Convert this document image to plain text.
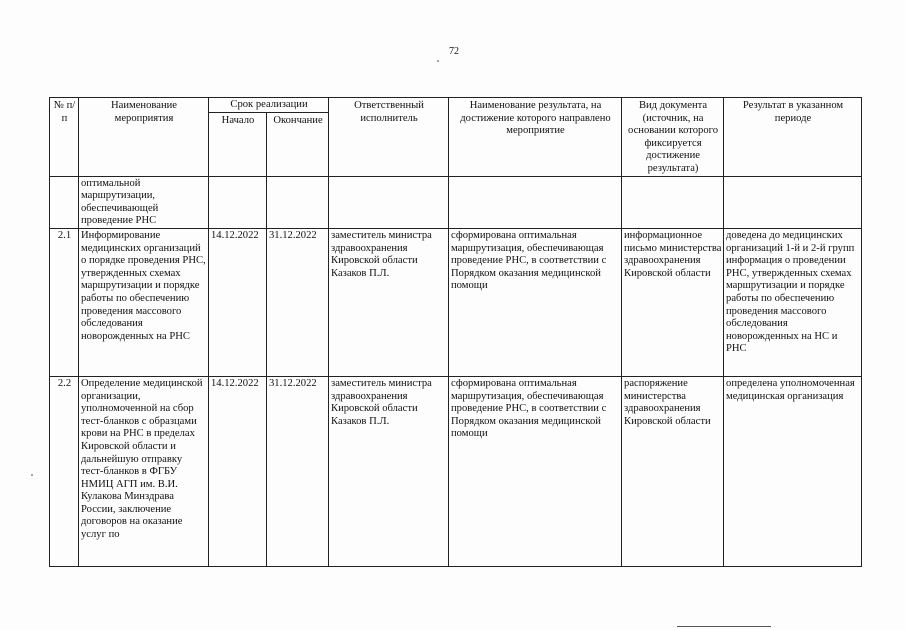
72
№ п/п	Наименование мероприятия	Срок реализации		Ответственный исполнитель	Наименование результата, на достижение которого направлено мероприятие	Вид документа (источник, на основании которого фиксируется достижение результата)	Результат в указанном периоде
		Начало	Окончание				
	оптимальной маршрутизации, обеспечивающей проведение РНС						
2.1	Информирование медицинских организаций о порядке проведения РНС, утвержденных схемах маршрутизации и порядке работы по обеспечению проведения массового обследования новорожденных на РНС	14.12.2022	31.12.2022	заместитель министра здравоохранения Кировской области Казаков П.Л.	сформирована оптимальная маршрутизация, обеспечивающая проведение РНС, в соответствии с Порядком оказания медицинской помощи	информационное письмо министерства здравоохранения Кировской области	доведена до медицинских организаций 1-й и 2-й групп информация о проведении РНС, утвержденных схемах маршрутизации и порядке работы по обеспечению проведения массового обследования новорожденных на НС и РНС
2.2	Определение медицинской организации, уполномоченной на сбор тест-бланков с образцами крови на РНС в пределах Кировской области и дальнейшую отправку тест-бланков в ФГБУ НМИЦ АГП им. В.И. Кулакова Минздрава России, заключение договоров на оказание услуг по	14.12.2022	31.12.2022	заместитель министра здравоохранения Кировской области Казаков П.Л.	сформирована оптимальная маршрутизация, обеспечивающая проведение РНС, в соответствии с Порядком оказания медицинской помощи	распоряжение министерства здравоохранения Кировской области	определена уполномоченная медицинская организация
